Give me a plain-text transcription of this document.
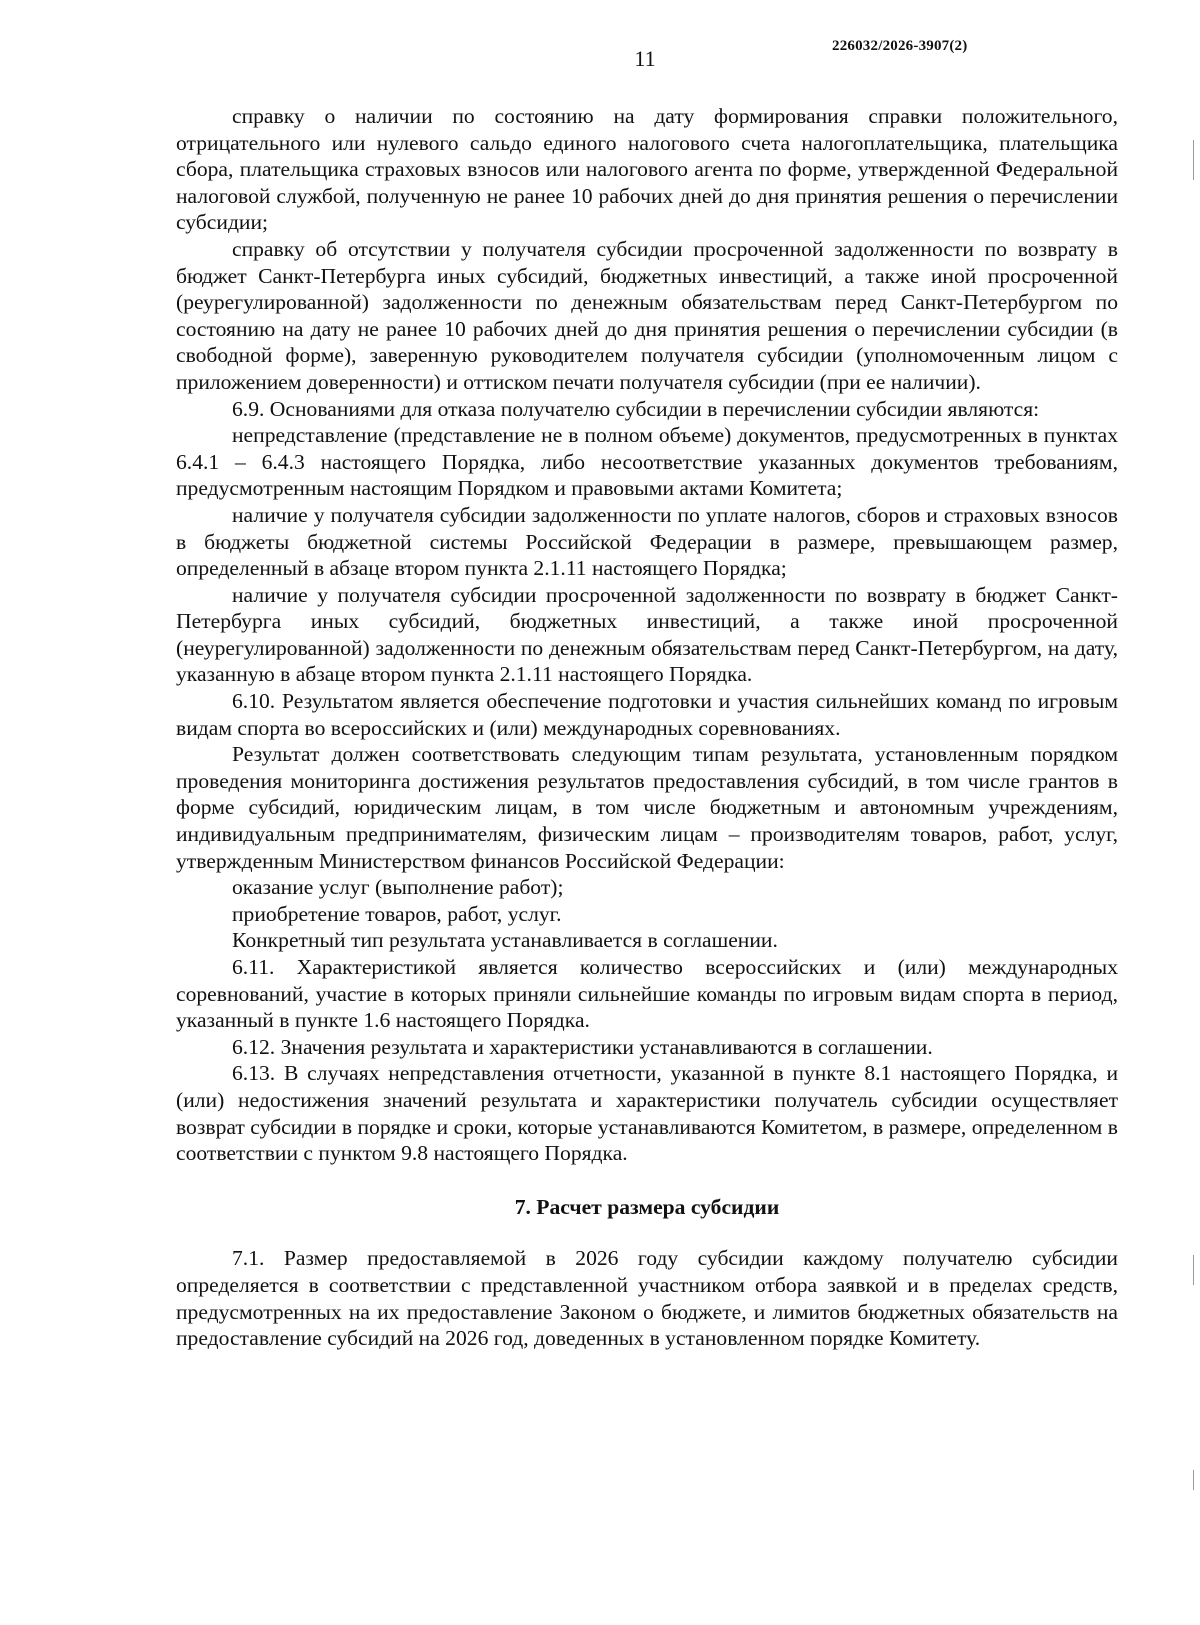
11	226032/2026-3907(2)

справку о наличии по состоянию на дату формирования справки положительного, отрицательного или нулевого сальдо единого налогового счета налогоплательщика, плательщика сбора, плательщика страховых взносов или налогового агента по форме, утвержденной Федеральной налоговой службой, полученную не ранее 10 рабочих дней до дня принятия решения о перечислении субсидии;

справку об отсутствии у получателя субсидии просроченной задолженности по возврату в бюджет Санкт-Петербурга иных субсидий, бюджетных инвестиций, а также иной просроченной (реурегулированной) задолженности по денежным обязательствам перед Санкт-Петербургом по состоянию на дату не ранее 10 рабочих дней до дня принятия решения о перечислении субсидии (в свободной форме), заверенную руководителем получателя субсидии (уполномоченным лицом с приложением доверенности) и оттиском печати получателя субсидии (при ее наличии).

6.9. Основаниями для отказа получателю субсидии в перечислении субсидии являются:

непредставление (представление не в полном объеме) документов, предусмотренных в пунктах 6.4.1 – 6.4.3 настоящего Порядка, либо несоответствие указанных документов требованиям, предусмотренным настоящим Порядком и правовыми актами Комитета;

наличие у получателя субсидии задолженности по уплате налогов, сборов и страховых взносов в бюджеты бюджетной системы Российской Федерации в размере, превышающем размер, определенный в абзаце втором пункта 2.1.11 настоящего Порядка;

наличие у получателя субсидии просроченной задолженности по возврату в бюджет Санкт-Петербурга иных субсидий, бюджетных инвестиций, а также иной просроченной (неурегулированной) задолженности по денежным обязательствам перед Санкт-Петербургом, на дату, указанную в абзаце втором пункта 2.1.11 настоящего Порядка.

6.10. Результатом является обеспечение подготовки и участия сильнейших команд по игровым видам спорта во всероссийских и (или) международных соревнованиях.

Результат должен соответствовать следующим типам результата, установленным порядком проведения мониторинга достижения результатов предоставления субсидий, в том числе грантов в форме субсидий, юридическим лицам, в том числе бюджетным и автономным учреждениям, индивидуальным предпринимателям, физическим лицам – производителям товаров, работ, услуг, утвержденным Министерством финансов Российской Федерации:

оказание услуг (выполнение работ);

приобретение товаров, работ, услуг.

Конкретный тип результата устанавливается в соглашении.

6.11. Характеристикой является количество всероссийских и (или) международных соревнований, участие в которых приняли сильнейшие команды по игровым видам спорта в период, указанный в пункте 1.6 настоящего Порядка.

6.12. Значения результата и характеристики устанавливаются в соглашении.

6.13. В случаях непредставления отчетности, указанной в пункте 8.1 настоящего Порядка, и (или) недостижения значений результата и характеристики получатель субсидии осуществляет возврат субсидии в порядке и сроки, которые устанавливаются Комитетом, в размере, определенном в соответствии с пунктом 9.8 настоящего Порядка.

7. Расчет размера субсидии

7.1. Размер предоставляемой в 2026 году субсидии каждому получателю субсидии определяется в соответствии с представленной участником отбора заявкой и в пределах средств, предусмотренных на их предоставление Законом о бюджете, и лимитов бюджетных обязательств на предоставление субсидий на 2026 год, доведенных в установленном порядке Комитету.
